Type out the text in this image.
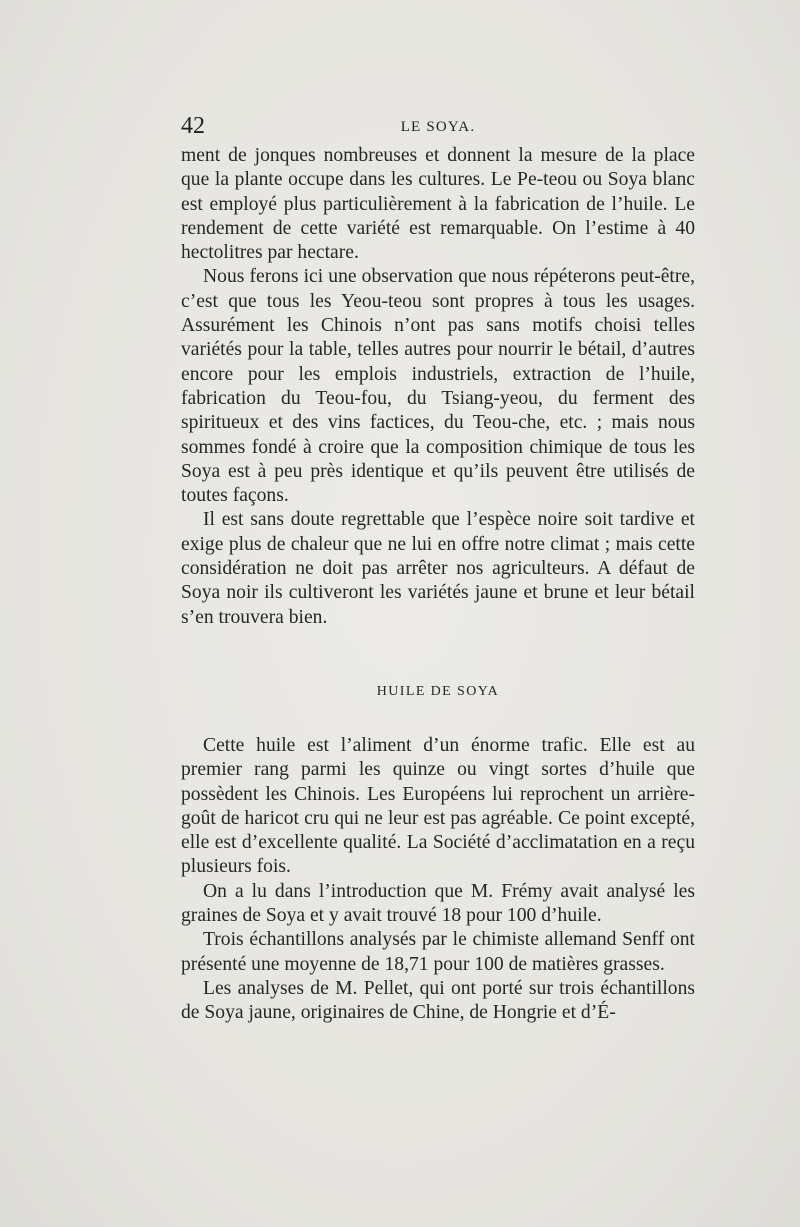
42	LE SOYA.

ment de jonques nombreuses et donnent la mesure de la place que la plante occupe dans les cultures. Le Pe-teou ou Soya blanc est employé plus particulièrement à la fabrication de l’huile. Le rendement de cette variété est remarquable. On l’estime à 40 hectolitres par hectare.

Nous ferons ici une observation que nous répéterons peut-être, c’est que tous les Yeou-teou sont propres à tous les usages. Assurément les Chinois n’ont pas sans motifs choisi telles variétés pour la table, telles autres pour nourrir le bétail, d’autres encore pour les emplois industriels, extraction de l’huile, fabrication du Teou-fou, du Tsiang-yeou, du ferment des spiritueux et des vins factices, du Teou-che, etc. ; mais nous sommes fondé à croire que la composition chimique de tous les Soya est à peu près identique et qu’ils peuvent être utilisés de toutes façons.

Il est sans doute regrettable que l’espèce noire soit tardive et exige plus de chaleur que ne lui en offre notre climat ; mais cette considération ne doit pas arrêter nos agriculteurs. A défaut de Soya noir ils cultiveront les variétés jaune et brune et leur bétail s’en trouvera bien.

HUILE DE SOYA

Cette huile est l’aliment d’un énorme trafic. Elle est au premier rang parmi les quinze ou vingt sortes d’huile que possèdent les Chinois. Les Européens lui reprochent un arrière-goût de haricot cru qui ne leur est pas agréable. Ce point excepté, elle est d’excellente qualité. La Société d’acclimatation en a reçu plusieurs fois.

On a lu dans l’introduction que M. Frémy avait analysé les graines de Soya et y avait trouvé 18 pour 100 d’huile.

Trois échantillons analysés par le chimiste allemand Senff ont présenté une moyenne de 18,71 pour 100 de matières grasses.

Les analyses de M. Pellet, qui ont porté sur trois échantillons de Soya jaune, originaires de Chine, de Hongrie et d’É-
